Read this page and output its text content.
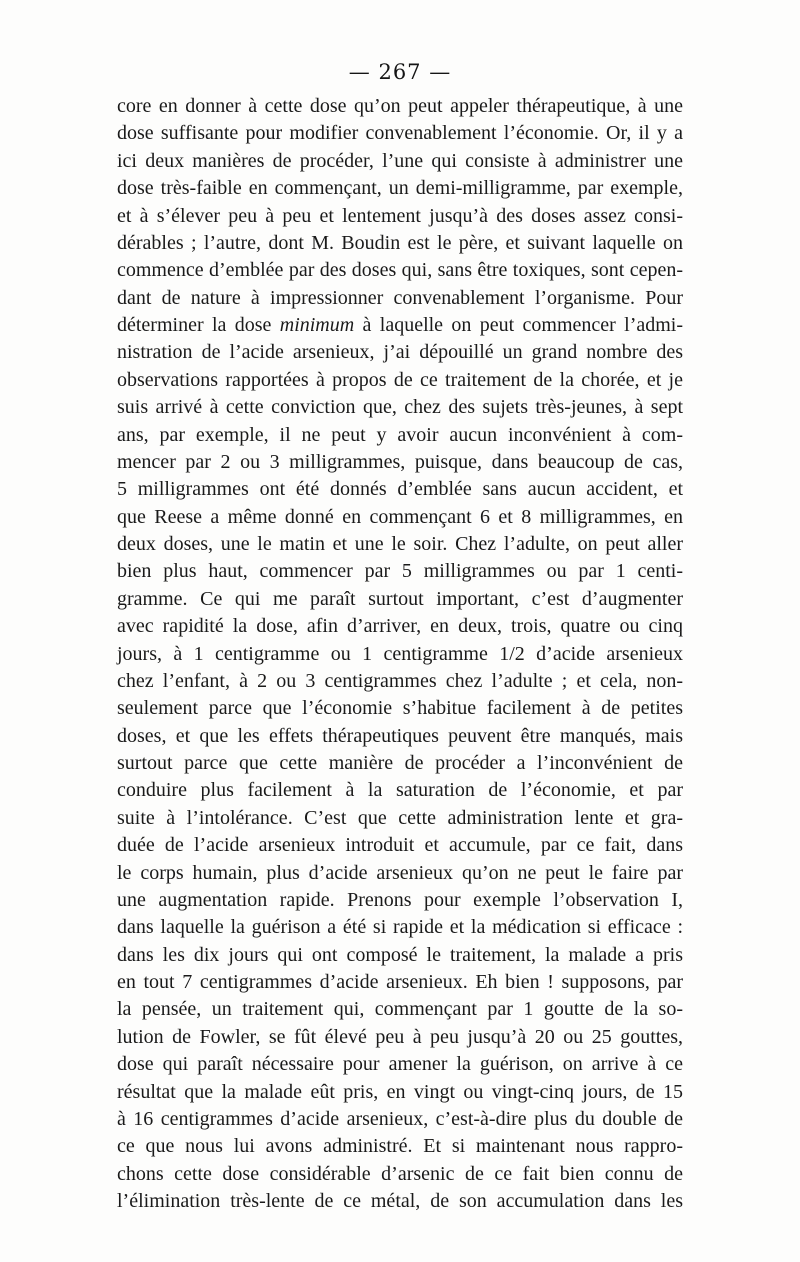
— 267 —
core en donner à cette dose qu’on peut appeler thérapeutique, à une
dose suffisante pour modifier convenablement l’économie. Or, il y a
ici deux manières de procéder, l’une qui consiste à administrer une
dose très-faible en commençant, un demi-milligramme, par exemple,
et à s’élever peu à peu et lentement jusqu’à des doses assez consi-
dérables ; l’autre, dont M. Boudin est le père, et suivant laquelle on
commence d’emblée par des doses qui, sans être toxiques, sont cepen-
dant de nature à impressionner convenablement l’organisme. Pour
déterminer la dose minimum à laquelle on peut commencer l’admi-
nistration de l’acide arsenieux, j’ai dépouillé un grand nombre des
observations rapportées à propos de ce traitement de la chorée, et je
suis arrivé à cette conviction que, chez des sujets très-jeunes, à sept
ans, par exemple, il ne peut y avoir aucun inconvénient à com-
mencer par 2 ou 3 milligrammes, puisque, dans beaucoup de cas,
5 milligrammes ont été donnés d’emblée sans aucun accident, et
que Reese a même donné en commençant 6 et 8 milligrammes, en
deux doses, une le matin et une le soir. Chez l’adulte, on peut aller
bien plus haut, commencer par 5 milligrammes ou par 1 centi-
gramme. Ce qui me paraît surtout important, c’est d’augmenter
avec rapidité la dose, afin d’arriver, en deux, trois, quatre ou cinq
jours, à 1 centigramme ou 1 centigramme 1/2 d’acide arsenieux
chez l’enfant, à 2 ou 3 centigrammes chez l’adulte ; et cela, non-
seulement parce que l’économie s’habitue facilement à de petites
doses, et que les effets thérapeutiques peuvent être manqués, mais
surtout parce que cette manière de procéder a l’inconvénient de
conduire plus facilement à la saturation de l’économie, et par
suite à l’intolérance. C’est que cette administration lente et gra-
duée de l’acide arsenieux introduit et accumule, par ce fait, dans
le corps humain, plus d’acide arsenieux qu’on ne peut le faire par
une augmentation rapide. Prenons pour exemple l’observation I,
dans laquelle la guérison a été si rapide et la médication si efficace :
dans les dix jours qui ont composé le traitement, la malade a pris
en tout 7 centigrammes d’acide arsenieux. Eh bien ! supposons, par
la pensée, un traitement qui, commençant par 1 goutte de la so-
lution de Fowler, se fût élevé peu à peu jusqu’à 20 ou 25 gouttes,
dose qui paraît nécessaire pour amener la guérison, on arrive à ce
résultat que la malade eût pris, en vingt ou vingt-cinq jours, de 15
à 16 centigrammes d’acide arsenieux, c’est-à-dire plus du double de
ce que nous lui avons administré. Et si maintenant nous rappro-
chons cette dose considérable d’arsenic de ce fait bien connu de
l’élimination très-lente de ce métal, de son accumulation dans les
